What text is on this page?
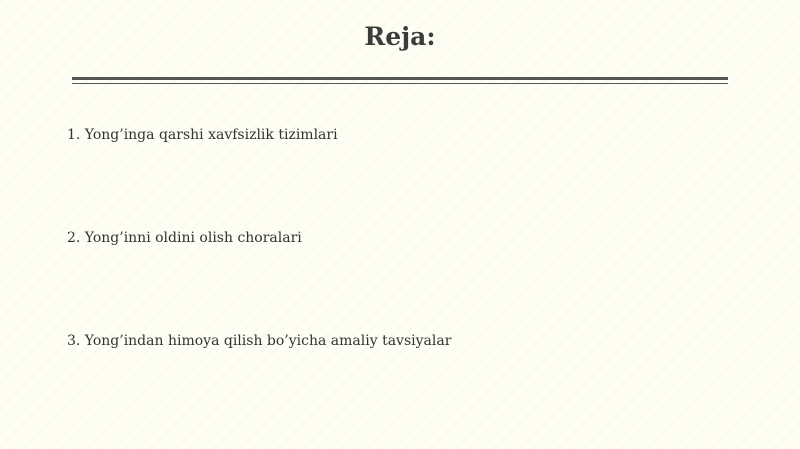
Reja:
1. Yong’inga qarshi xavfsizlik tizimlari
2. Yong’inni oldini olish choralari
3. Yong’indan himoya qilish bo’yicha amaliy tavsiyalar
